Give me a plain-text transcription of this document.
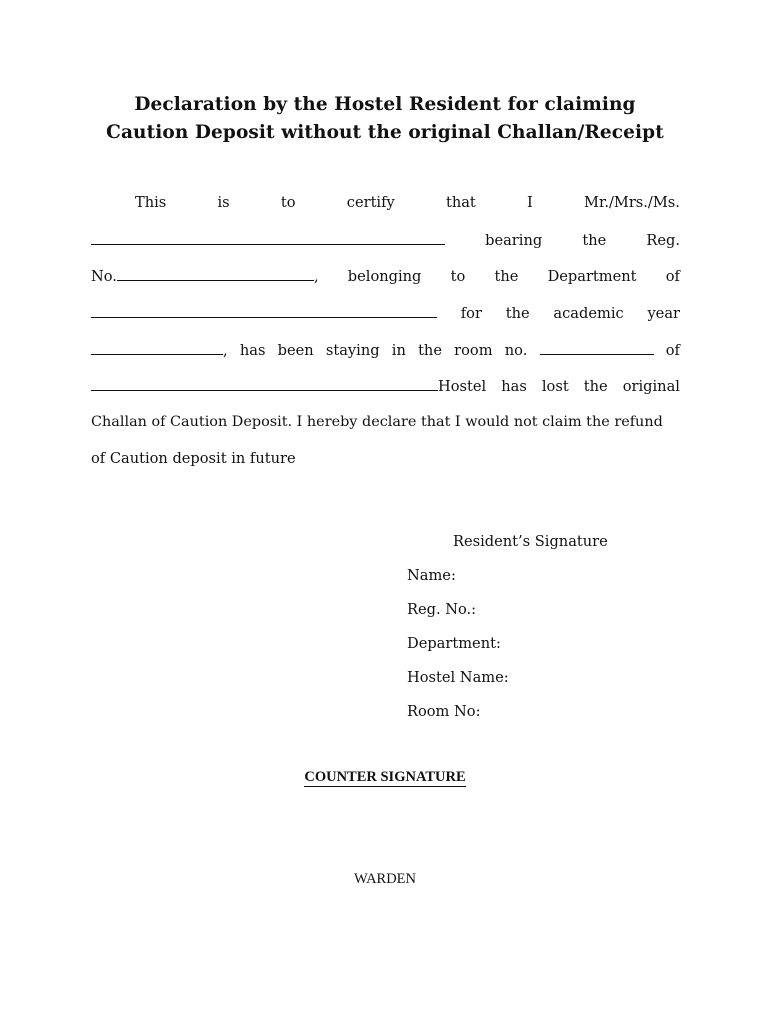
Declaration by the Hostel Resident for claiming
Caution Deposit without the original Challan/Receipt
This	is	to	certify	that	I	Mr./Mrs./Ms.
bearing	the	Reg.
No.	, belonging to the Department of
for the academic year
, has been staying in the room no.	of
Hostel has lost the original
Challan of Caution Deposit. I hereby declare that I would not claim the refund
of Caution deposit in future
Resident’s Signature
Name:
Reg. No.:
Department:
Hostel Name:
Room No:
COUNTER SIGNATURE
WARDEN
